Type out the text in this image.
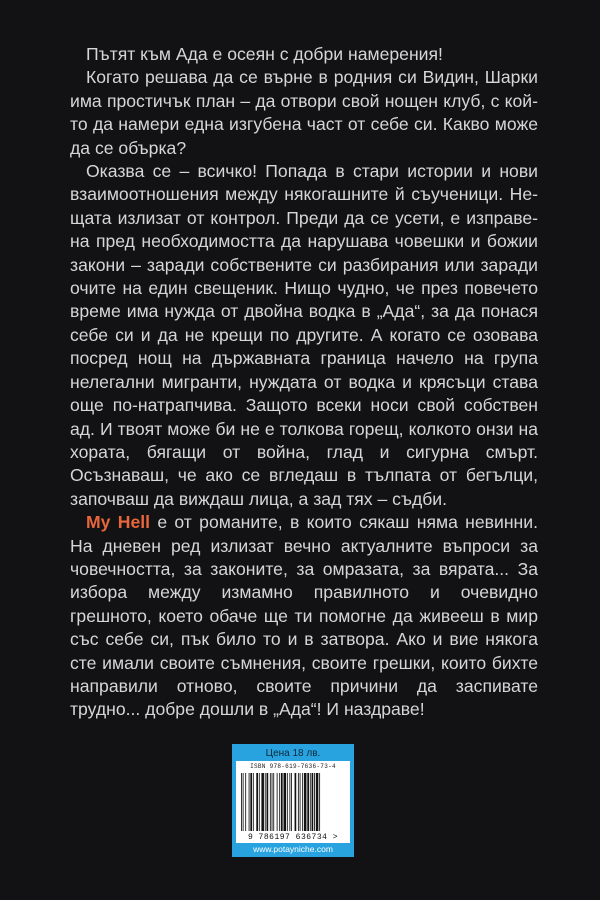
Пътят към Ада е осеян с добри намерения!

Когато решава да се върне в родния си Видин, Шарки има простичък план – да отвори свой нощен клуб, с който да намери една изгубена част от себе си. Какво може да се обърка?

Оказва се – всичко! Попада в стари истории и нови взаимоотношения между някогашните й съученици. Нещата излизат от контрол. Преди да се усети, е изправена пред необходимостта да нарушава човешки и божии закони – заради собствените си разбирания или заради очите на един свещеник. Нищо чудно, че през повечето време има нужда от двойна водка в „Ада“, за да понася себе си и да не крещи по другите. А когато се озовава посред нощ на държавната граница начело на група нелегални мигранти, нуждата от водка и крясъци става още по-натрапчива. Защото всеки носи свой собствен ад. И твоят може би не е толкова горещ, колкото онзи на хората, бягащи от война, глад и сигурна смърт. Осъзнаваш, че ако се вгледаш в тълпата от бегълци, започваш да виждаш лица, а зад тях – съдби.

My Hell е от романите, в които сякаш няма невинни. На дневен ред излизат вечно актуалните въпроси за човечността, за законите, за омразата, за вярата... За избора между измамно правилното и очевидно грешното, което обаче ще ти помогне да живееш в мир със себе си, пък било то и в затвора. Ако и вие някога сте имали своите съмнения, своите грешки, които бихте направили отново, своите причини да заспивате трудно... добре дошли в „Ада“! И наздраве!

Цена 18 лв.
ISBN 978-619-7636-73-4
9 786197 636734 >
www.potayniche.com
